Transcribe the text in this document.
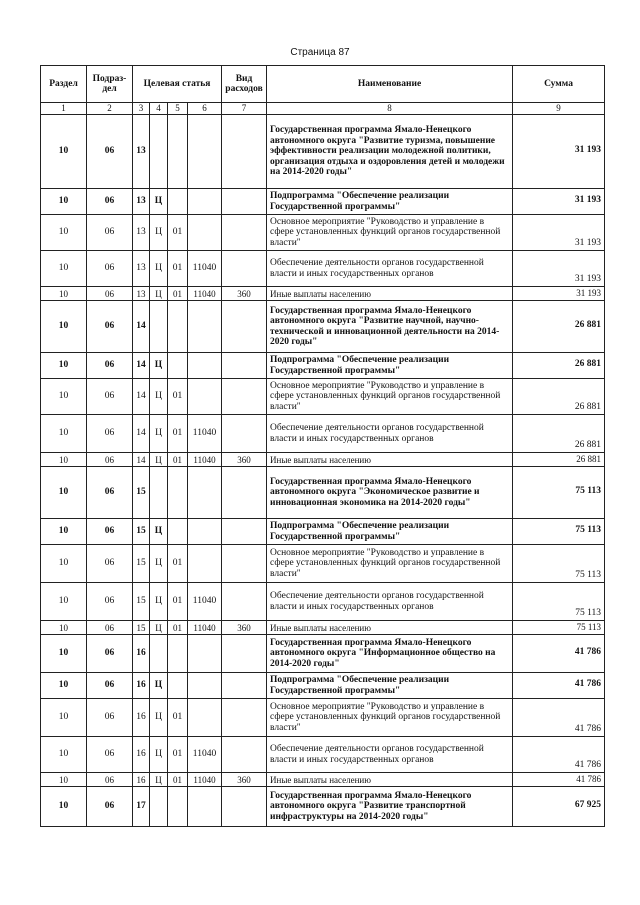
Страница 87
Раздел	Подраз-дел	Целевая статья				Вид расходов	Наименование	Сумма
1	2	3	4	5	6	7	8	9
10	06	13					Государственная программа Ямало-Ненецкого автономного округа "Развитие туризма, повышение эффективности реализации молодежной политики, организация отдыха и оздоровления детей и молодежи на 2014-2020 годы"	31 193
10	06	13	Ц				Подпрограмма "Обеспечение реализации Государственной программы"	31 193
10	06	13	Ц	01			Основное мероприятие "Руководство и управление в сфере установленных функций органов государственной власти"	31 193
10	06	13	Ц	01	11040		Обеспечение деятельности органов государственной власти и иных государственных органов	31 193
10	06	13	Ц	01	11040	360	Иные выплаты населению	31 193
10	06	14					Государственная программа Ямало-Ненецкого автономного округа "Развитие научной, научно-технической и инновационной деятельности на 2014-2020 годы"	26 881
10	06	14	Ц				Подпрограмма "Обеспечение реализации Государственной программы"	26 881
10	06	14	Ц	01			Основное мероприятие "Руководство и управление в сфере установленных функций органов государственной власти"	26 881
10	06	14	Ц	01	11040		Обеспечение деятельности органов государственной власти и иных государственных органов	26 881
10	06	14	Ц	01	11040	360	Иные выплаты населению	26 881
10	06	15					Государственная программа Ямало-Ненецкого автономного округа "Экономическое развитие и инновационная экономика на 2014-2020 годы"	75 113
10	06	15	Ц				Подпрограмма "Обеспечение реализации Государственной программы"	75 113
10	06	15	Ц	01			Основное мероприятие "Руководство и управление в сфере установленных функций органов государственной власти"	75 113
10	06	15	Ц	01	11040		Обеспечение деятельности органов государственной власти и иных государственных органов	75 113
10	06	15	Ц	01	11040	360	Иные выплаты населению	75 113
10	06	16					Государственная программа Ямало-Ненецкого автономного округа "Информационное общество на 2014-2020 годы"	41 786
10	06	16	Ц				Подпрограмма "Обеспечение реализации Государственной программы"	41 786
10	06	16	Ц	01			Основное мероприятие "Руководство и управление в сфере установленных функций органов государственной власти"	41 786
10	06	16	Ц	01	11040		Обеспечение деятельности органов государственной власти и иных государственных органов	41 786
10	06	16	Ц	01	11040	360	Иные выплаты населению	41 786
10	06	17					Государственная программа Ямало-Ненецкого автономного округа "Развитие транспортной инфраструктуры на 2014-2020 годы"	67 925
